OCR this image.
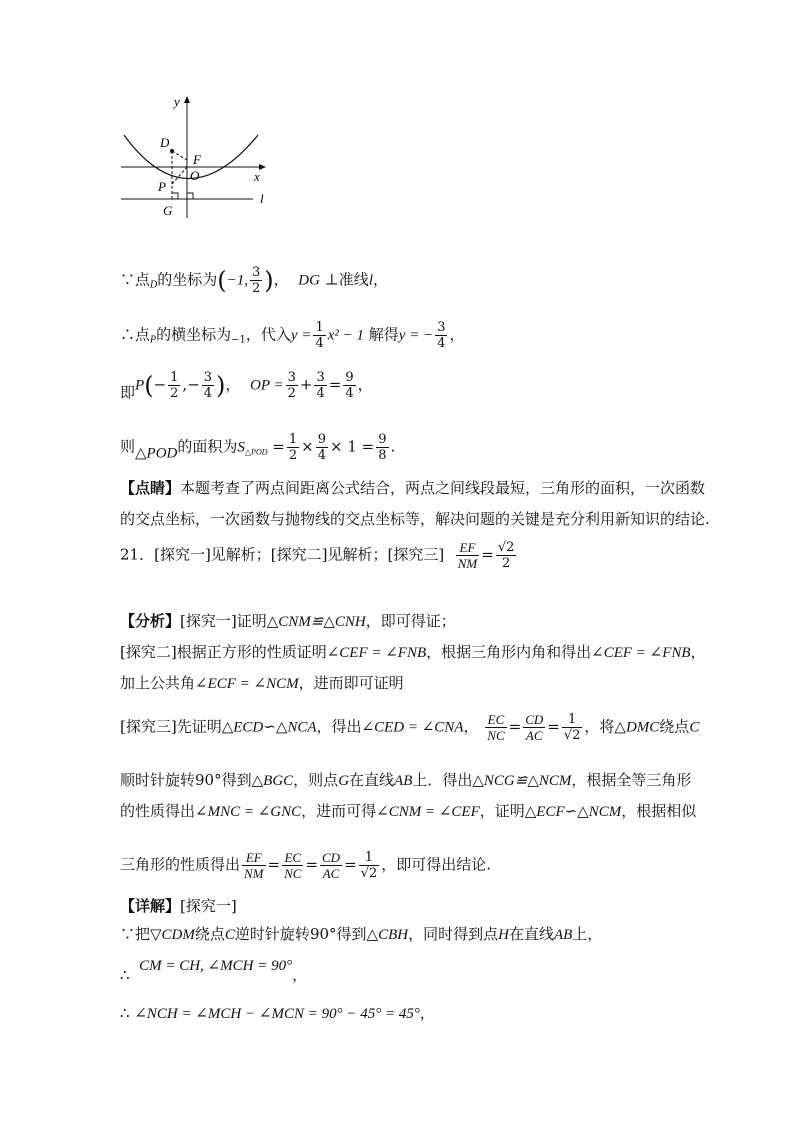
y
x
l
D
F
O
P
G
∵点$_D$的坐标为(−1, $\frac{3}{2}$ )， DG ⊥准线l，
∴点$_P$的横坐标为$_{-1}$，代入$y = \frac{1}{4} x^2 - 1$ 解得y = − $\frac{3}{4}$ ，
即$P(- \frac{1}{2}$ ,− $\frac{3}{4}$ )， OP = $\frac{3}{2} + \frac{3}{4} = \frac{9}{4}$ ，
则△POD的面积为$S_{\triangle POD} = \frac{1}{2} \times \frac{9}{4} \times 1 = \frac{9}{8}$ .
【点睛】本题考查了两点间距离公式结合，两点之间线段最短，三角形的面积，一次函数
的交点坐标，一次函数与抛物线的交点坐标等，解决问题的关键是充分利用新知识的结论.
21．[探究一]见解析；[探究二]见解析；[探究三] $\frac{EF}{NM} = \frac{√2}{2}$
【分析】[探究一]证明△CNM≌△CNH，即可得证；
[探究二]根据正方形的性质证明∠CEF = ∠FNB，根据三角形内角和得出∠CEF = ∠FNB，
加上公共角∠ECF = ∠NCM，进而即可证明
[探究三]先证明△ECD∽△NCA，得出∠CED = ∠CNA， $\frac{EC}{NC} = \frac{CD}{AC} = \frac{1}{√2}$ ，将△DMC绕点C
顺时针旋转90°得到△BGC，则点G在直线AB上．得出△NCG≌△NCM，根据全等三角形
的性质得出∠MNC = ∠GNC，进而可得∠CNM = ∠CEF，证明△ECF∽△NCM，根据相似
三角形的性质得出 $\frac{EF}{NM} = \frac{EC}{NC} = \frac{CD}{AC} = \frac{1}{√2}$ ，即可得出结论.
【详解】[探究一]
∵把▽CDM绕点C逆时针旋转90°得到△CBH，同时得到点H在直线AB上，
∴ CM = CH, ∠MCH = 90°，
∴ ∠NCH = ∠MCH − ∠MCN = 90° − 45° = 45°，
